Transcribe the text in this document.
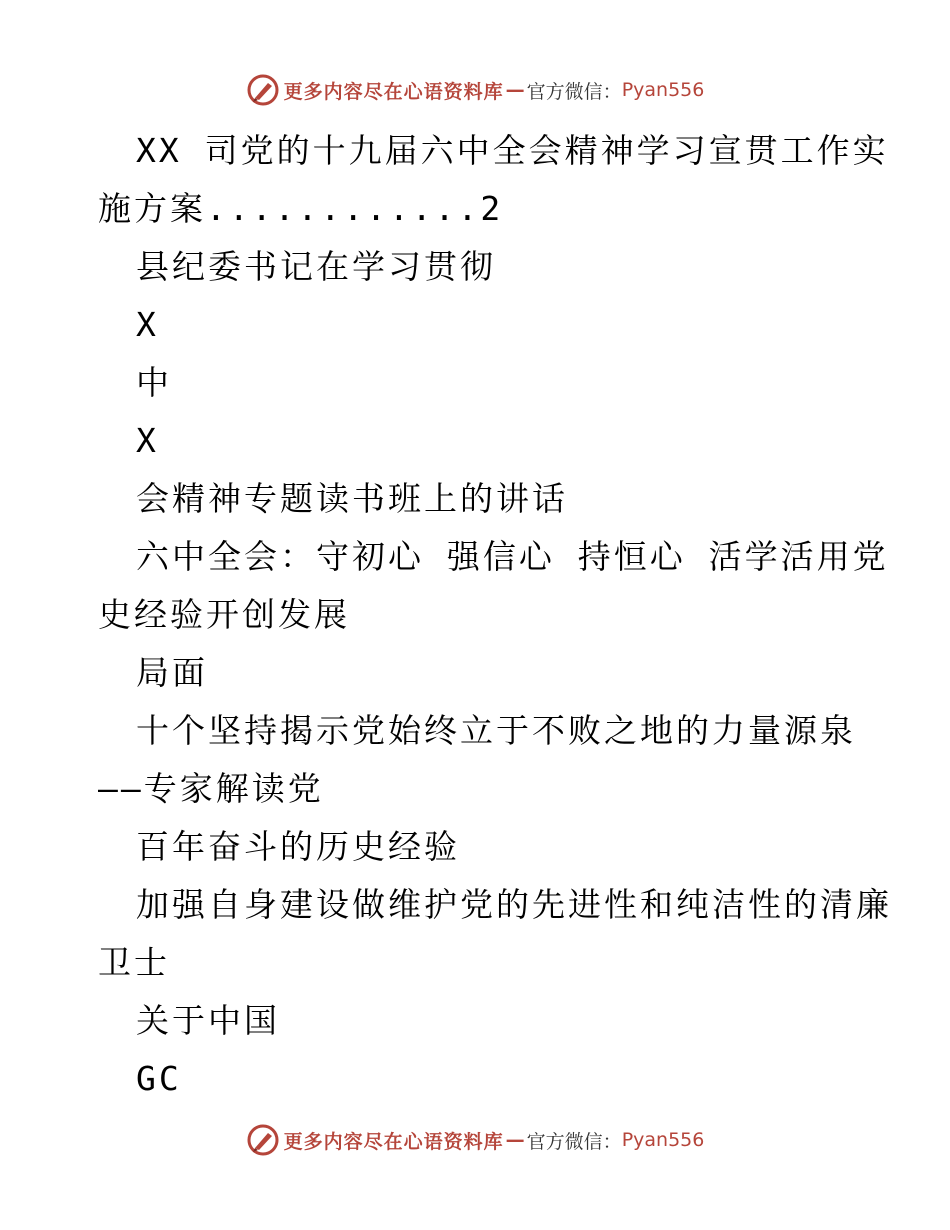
更多内容尽在心语资料库 — 官方微信： Pyan556
XX 司党的十九届六中全会精神学习宣贯工作实
施方案............2
县纪委书记在学习贯彻
X
中
X
会精神专题读书班上的讲话
六中全会：守初心 强信心 持恒心 活学活用党
史经验开创发展
局面
十个坚持揭示党始终立于不败之地的力量源泉
——专家解读党
百年奋斗的历史经验
加强自身建设做维护党的先进性和纯洁性的清廉
卫士
关于中国
GC
更多内容尽在心语资料库 — 官方微信： Pyan556
